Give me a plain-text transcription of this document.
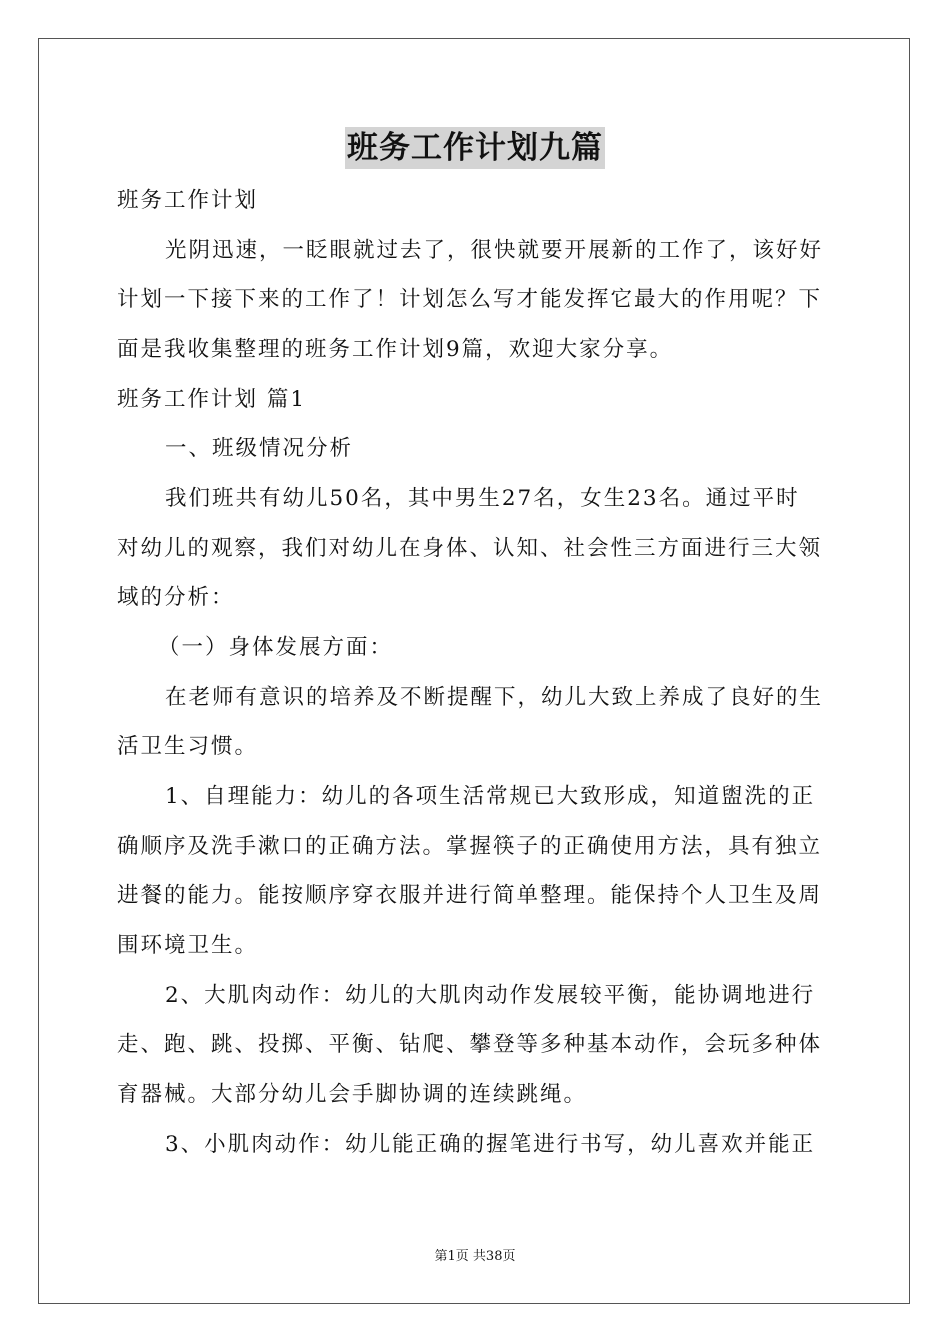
班务工作计划九篇
班务工作计划
光阴迅速，一眨眼就过去了，很快就要开展新的工作了，该好好
计划一下接下来的工作了！计划怎么写才能发挥它最大的作用呢？下
面是我收集整理的班务工作计划9篇，欢迎大家分享。
班务工作计划 篇1
一、班级情况分析
我们班共有幼儿50名，其中男生27名，女生23名。通过平时
对幼儿的观察，我们对幼儿在身体、认知、社会性三方面进行三大领
域的分析：
（一）身体发展方面：
在老师有意识的培养及不断提醒下，幼儿大致上养成了良好的生
活卫生习惯。
1、自理能力：幼儿的各项生活常规已大致形成，知道盥洗的正
确顺序及洗手漱口的正确方法。掌握筷子的正确使用方法，具有独立
进餐的能力。能按顺序穿衣服并进行简单整理。能保持个人卫生及周
围环境卫生。
2、大肌肉动作：幼儿的大肌肉动作发展较平衡，能协调地进行
走、跑、跳、投掷、平衡、钻爬、攀登等多种基本动作，会玩多种体
育器械。大部分幼儿会手脚协调的连续跳绳。
3、小肌肉动作：幼儿能正确的握笔进行书写，幼儿喜欢并能正
第1页 共38页
